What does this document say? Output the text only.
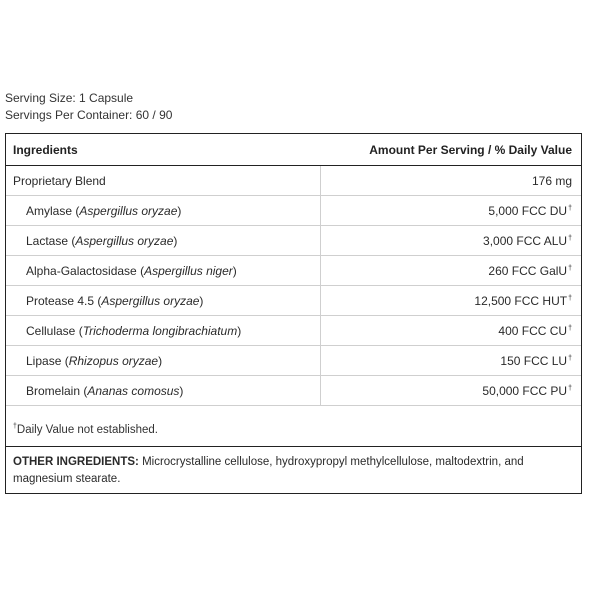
Serving Size: 1 Capsule
Servings Per Container: 60 / 90
Ingredients	Amount Per Serving / % Daily Value
Proprietary Blend	176 mg
Amylase (Aspergillus oryzae)	5,000 FCC DU†
Lactase (Aspergillus oryzae)	3,000 FCC ALU†
Alpha-Galactosidase (Aspergillus niger)	260 FCC GalU†
Protease 4.5 (Aspergillus oryzae)	12,500 FCC HUT†
Cellulase (Trichoderma longibrachiatum)	400 FCC CU†
Lipase (Rhizopus oryzae)	150 FCC LU†
Bromelain (Ananas comosus)	50,000 FCC PU†
†Daily Value not established.
OTHER INGREDIENTS: Microcrystalline cellulose, hydroxypropyl methylcellulose, maltodextrin, and magnesium stearate.
